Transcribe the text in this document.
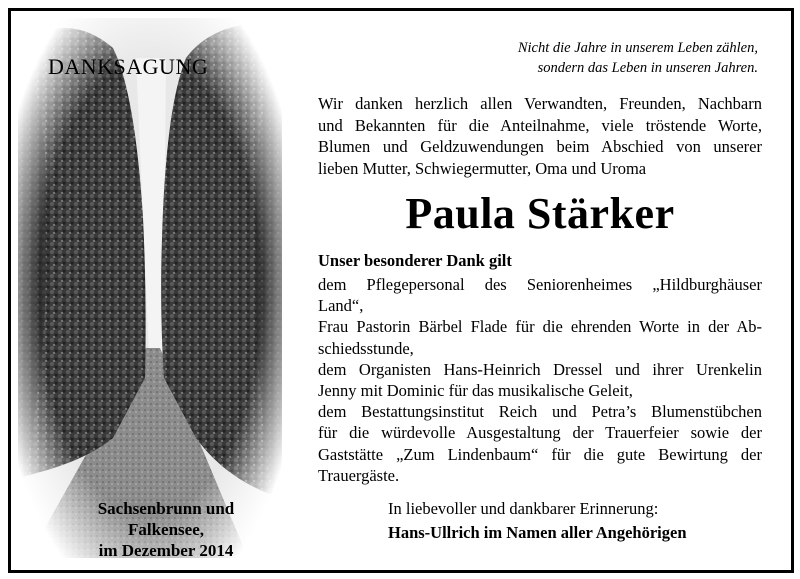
DANKSAGUNG
Sachsenbrunn und
Falkensee,
im Dezember 2014
Nicht die Jahre in unserem Leben zählen,
sondern das Leben in unseren Jahren.
Wir danken herzlich allen Verwandten, Freunden, Nachbarn
und Bekannten für die Anteilnahme, viele tröstende Worte,
Blumen und Geldzuwendungen beim Abschied von unserer
lieben Mutter, Schwiegermutter, Oma und Uroma
Paula Stärker
Unser besonderer Dank gilt
dem Pflegepersonal des Seniorenheimes „Hildburghäuser
Land“,
Frau Pastorin Bärbel Flade für die ehrenden Worte in der Ab-
schiedsstunde,
dem Organisten Hans-Heinrich Dressel und ihrer Urenkelin
Jenny mit Dominic für das musikalische Geleit,
dem Bestattungsinstitut Reich und Petra’s Blumenstübchen
für die würdevolle Ausgestaltung der Trauerfeier sowie der
Gaststätte „Zum Lindenbaum“ für die gute Bewirtung der
Trauergäste.
In liebevoller und dankbarer Erinnerung:
Hans-Ullrich im Namen aller Angehörigen
